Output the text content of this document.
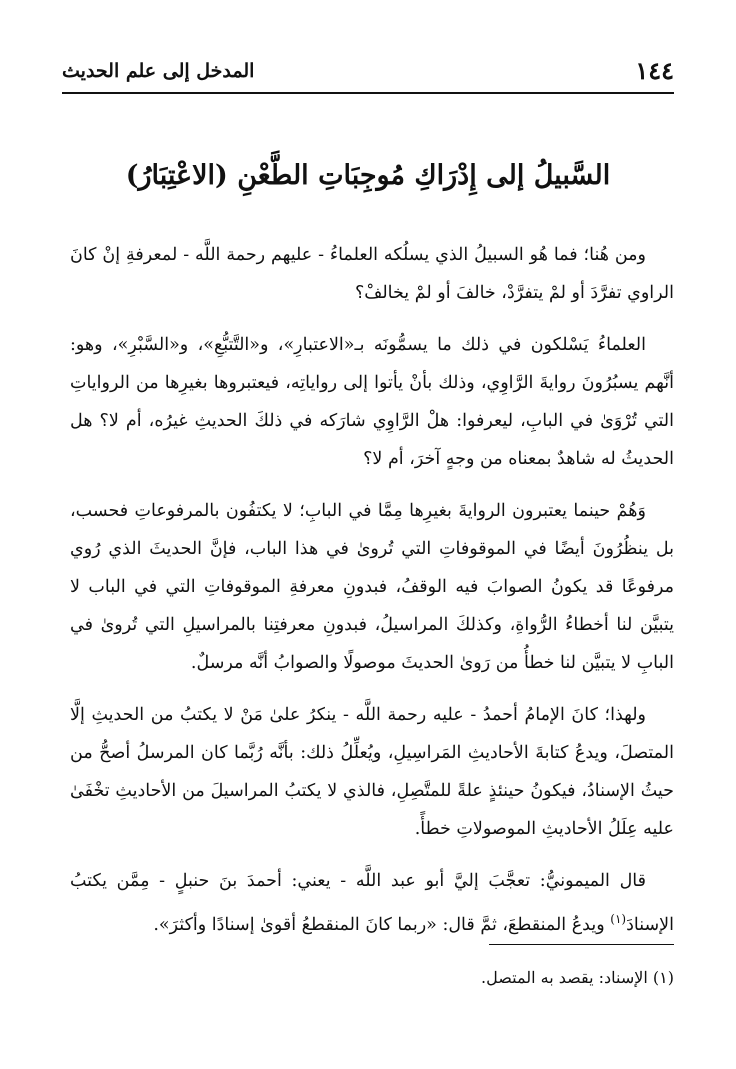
١٤٤
المدخل إلى علم الحديث
السَّبيلُ إلى إِدْرَاكِ مُوجِبَاتِ الطَّعْنِ (الاعْتِبَارُ)

ومن هُنا؛ فما هُو السبيلُ الذي يسلُكه العلماءُ - عليهم رحمة اللَّه - لمعرفةِ إنْ كانَ الراوي تفرَّدَ أو لمْ يتفرَّدْ، خالفَ أو لمْ يخالفْ؟

العلماءُ يَسْلكون في ذلك ما يسمُّونَه بـ«الاعتبارِ»، و«التَّتبُّعِ»، و«السَّبْرِ»، وهو: أنَّهم يسبُرُونَ روايةَ الرَّاوِي، وذلك بأنْ يأتوا إلى رواياتِه، فيعتبروها بغيرِها من الرواياتِ التي تُرْوَىٰ في البابِ، ليعرفوا: هلْ الرَّاوِي شارَكه في ذلكَ الحديثِ غيرُه، أم لا؟ هل الحديثُ له شاهدٌ بمعناه من وجهٍ آخرَ، أم لا؟

وَهُمْ حينما يعتبرون الروايةَ بغيرِها مِمَّا في البابِ؛ لا يكتفُون بالمرفوعاتِ فحسب، بل ينظُرُونَ أيضًا في الموقوفاتِ التي تُروىٰ في هذا الباب، فإنَّ الحديثَ الذي رُوي مرفوعًا قد يكونُ الصوابَ فيه الوقفُ، فبدونِ معرفةِ الموقوفاتِ التي في الباب لا يتبيَّن لنا أخطاءُ الرُّواةِ، وكذلكَ المراسيلُ، فبدونِ معرفتِنا بالمراسيلِ التي تُروىٰ في البابِ لا يتبيَّن لنا خطأُ من رَوىٰ الحديثَ موصولًا والصوابُ أنَّه مرسلٌ.

ولهذا؛ كانَ الإمامُ أحمدُ - عليه رحمة اللَّه - ينكرُ علىٰ مَنْ لا يكتبُ من الحديثِ إلَّا المتصلَ، ويدعُ كتابةَ الأحاديثِ المَراسِيلِ، ويُعلِّلُ ذلك: بأنَّه رُبَّما كان المرسلُ أصحُّ من حيثُ الإسنادُ، فيكونُ حينئذٍ علةً للمتَّصِلِ، فالذي لا يكتبُ المراسيلَ من الأحاديثِ تخْفَىٰ عليه عِلَلُ الأحاديثِ الموصولاتِ خطأً.

قال الميمونيُّ: تعجَّبَ إليَّ أبو عبد اللَّه - يعني: أحمدَ بنَ حنبلٍ - مِمَّن يكتبُ الإسنادَ$^{(١)}$ ويدعُ المنقطعَ، ثمَّ قال: «ربما كانَ المنقطعُ أقوىٰ إسنادًا وأكثرَ».

(١) الإسناد: يقصد به المتصل.
